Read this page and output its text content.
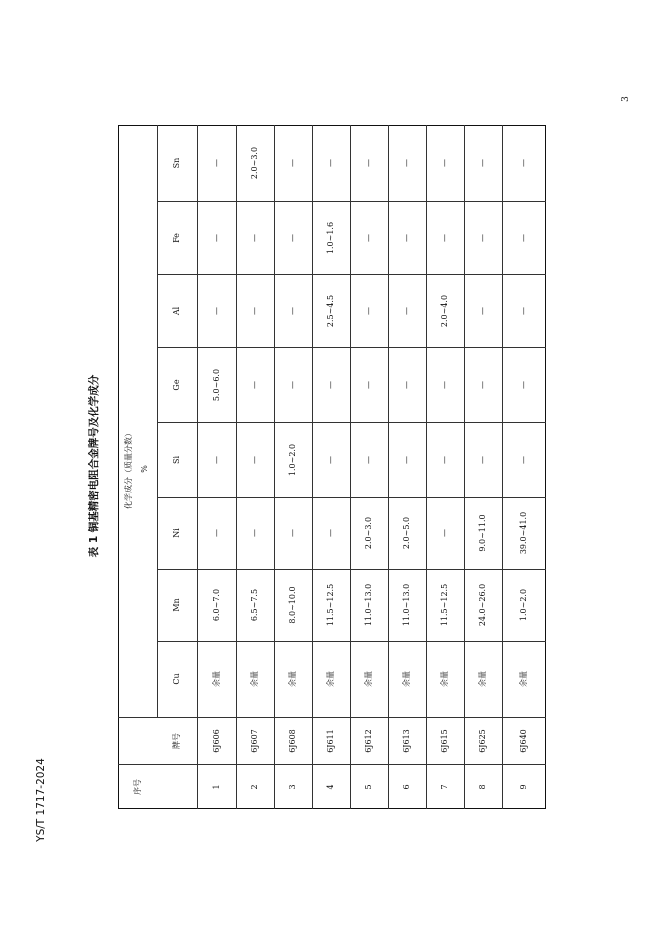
3
YS/T 1717-2024
表 1 铜基精密电阻合金牌号及化学成分
序号
牌号
化学成分（质量分数） %
Cu
Mn
Ni
Si
Ge
Al
Fe
Sn
1
6J606
余量
6.0~7.0
—
—
5.0~6.0
—
—
—
2
6J607
余量
6.5~7.5
—
—
—
—
—
2.0~3.0
3
6J608
余量
8.0~10.0
—
1.0~2.0
—
—
—
—
4
6J611
余量
11.5~12.5
—
—
—
2.5~4.5
1.0~1.6
—
5
6J612
余量
11.0~13.0
2.0~3.0
—
—
—
—
—
6
6J613
余量
11.0~13.0
2.0~5.0
—
—
—
—
—
7
6J615
余量
11.5~12.5
—
—
—
2.0~4.0
—
—
8
6J625
余量
24.0~26.0
9.0~11.0
—
—
—
—
—
9
6J640
余量
1.0~2.0
39.0~41.0
—
—
—
—
—
